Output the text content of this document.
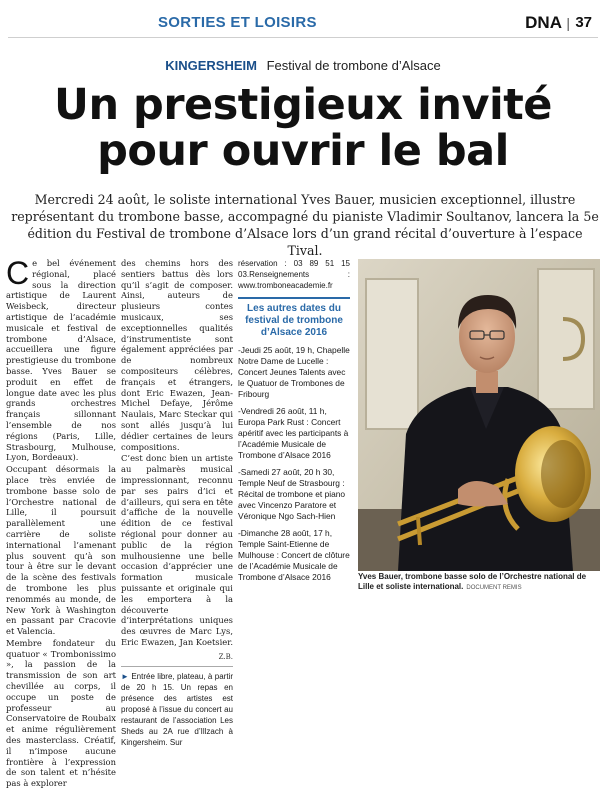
SORTIES ET LOISIRS	DNA | 37
KINGERSHEIM Festival de trombone d’Alsace
Un prestigieux invité
pour ouvrir le bal
Mercredi 24 août, le soliste international Yves Bauer, musicien exceptionnel, illustre représentant du trombone basse, accompagné du pianiste Vladimir Soultanov, lancera la 5e édition du Festival de trombone d’Alsace lors d’un grand récital d’ouverture à l’espace Tival.

Ce bel événement régional, placé sous la direction artistique de Laurent Weisbeck, directeur artistique de l’académie musicale et festival de trombone d’Alsace, accueillera une figure prestigieuse du trombone basse. Yves Bauer se produit en effet de longue date avec les plus grands orchestres français sillonnant l’ensemble de nos régions (Paris, Lille, Strasbourg, Mulhouse, Lyon, Bordeaux).

Occupant désormais la place très enviée de trombone basse solo de l’Orchestre national de Lille, il poursuit parallèlement une carrière de soliste international l’amenant plus souvent qu’à son tour à être sur le devant de la scène des festivals de trombone les plus renommés au monde, de New York à Washington en passant par Cracovie et Valencia.

Membre fondateur du quatuor « Trombonissimo », la passion de la transmission de son art chevillée au corps, il occupe un poste de professeur au Conservatoire de Roubaix et anime régulièrement des masterclass. Créatif, il n’impose aucune frontière à l’expression de son talent et n’hésite pas à explorer

des chemins hors des sentiers battus dès lors qu’il s’agit de composer. Ainsi, auteurs de plusieurs contes musicaux, ses exceptionnelles qualités d’instrumentiste sont également appréciées par de nombreux compositeurs célèbres, français et étrangers, dont Eric Ewazen, Jean-Michel Defaye, Jérôme Naulais, Marc Steckar qui sont allés jusqu’à lui dédier certaines de leurs compositions.

C’est donc bien un artiste au palmarès musical impressionnant, reconnu par ses pairs d’ici et d’ailleurs, qui sera en tête d’affiche de la nouvelle édition de ce festival régional pour donner au public de la région mulhousienne une belle occasion d’apprécier une formation musicale puissante et originale qui les emportera à la découverte d’interprétations uniques des œuvres de Marc Lys, Eric Ewazen, Jan Koetsier.

Z.B.
► Entrée libre, plateau, à partir de 20 h 15. Un repas en présence des artistes est proposé à l’issue du concert au restaurant de l’association Les Sheds au 2A rue d’Illzach à Kingersheim. Sur
réservation : 03 89 51 15 03.Renseignements : www.tromboneacademie.fr
Les autres dates du festival de trombone d’Alsace 2016
-Jeudi 25 août, 19 h, Chapelle Notre Dame de Lucelle : Concert Jeunes Talents avec le Quatuor de Trombones de Fribourg
-Vendredi 26 août, 11 h, Europa Park Rust : Concert apéritif avec les participants à l’Académie Musicale de Trombone d’Alsace 2016
-Samedi 27 août, 20 h 30, Temple Neuf de Strasbourg : Récital de trombone et piano avec Vincenzo Paratore et Véronique Ngo Sach-Hien
-Dimanche 28 août, 17 h, Temple Saint-Etienne de Mulhouse : Concert de clôture de l’Académie Musicale de Trombone d’Alsace 2016	Yves Bauer, trombone basse solo de l’Orchestre national de Lille et soliste international. DOCUMENT REMIS
